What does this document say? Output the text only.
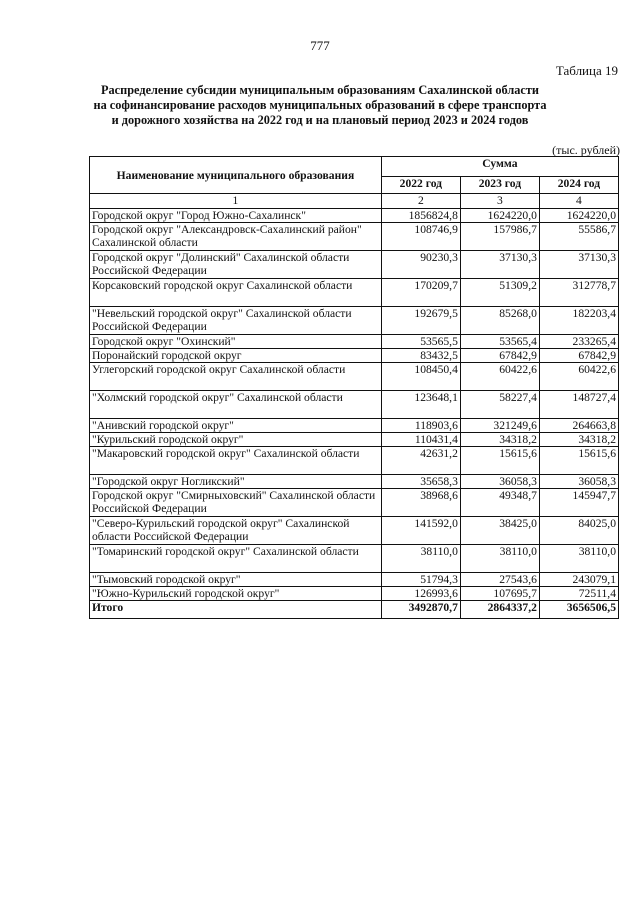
777
Таблица 19
Распределение субсидии муниципальным образованиям Сахалинской области
на софинансирование расходов муниципальных образований в сфере транспорта
и дорожного хозяйства на 2022 год и на плановый период 2023 и 2024 годов
(тыс. рублей)
Наименование муниципального образования	Сумма		
	2022 год	2023 год	2024 год
1	2	3	4
Городской округ "Город Южно-Сахалинск"	1856824,8	1624220,0	1624220,0
Городской округ "Александровск-Сахалинский район" Сахалинской области	108746,9	157986,7	55586,7
Городской округ "Долинский" Сахалинской области Российской Федерации	90230,3	37130,3	37130,3
Корсаковский городской округ Сахалинской области	170209,7	51309,2	312778,7
"Невельский городской округ" Сахалинской области Российской Федерации	192679,5	85268,0	182203,4
Городской округ "Охинский"	53565,5	53565,4	233265,4
Поронайский городской округ	83432,5	67842,9	67842,9
Углегорский городской округ Сахалинской области	108450,4	60422,6	60422,6
"Холмский городской округ" Сахалинской области	123648,1	58227,4	148727,4
"Анивский городской округ"	118903,6	321249,6	264663,8
"Курильский городской округ"	110431,4	34318,2	34318,2
"Макаровский городской округ" Сахалинской области	42631,2	15615,6	15615,6
"Городской округ Ногликский"	35658,3	36058,3	36058,3
Городской округ "Смирныховский" Сахалинской области Российской Федерации	38968,6	49348,7	145947,7
"Северо-Курильский городской округ" Сахалинской области Российской Федерации	141592,0	38425,0	84025,0
"Томаринский городской округ" Сахалинской области	38110,0	38110,0	38110,0
"Тымовский городской округ"	51794,3	27543,6	243079,1
"Южно-Курильский городской округ"	126993,6	107695,7	72511,4
Итого	3492870,7	2864337,2	3656506,5
